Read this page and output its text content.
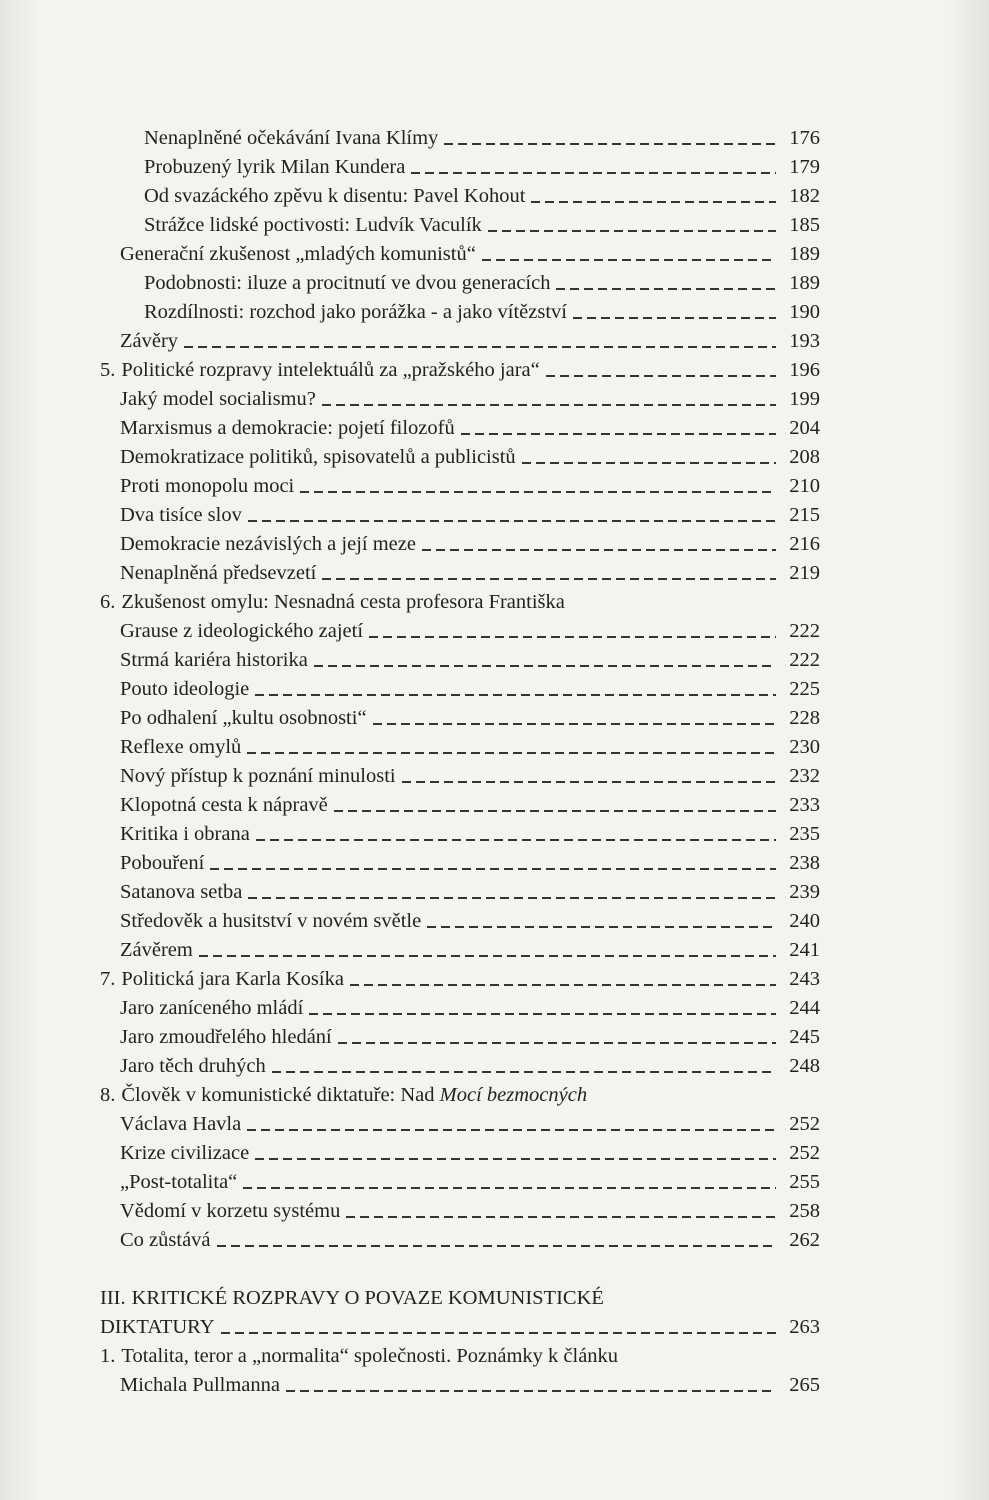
Nenaplněné očekávání Ivana Klímy	176
Probuzený lyrik Milan Kundera	179
Od svazáckého zpěvu k disentu: Pavel Kohout	182
Strážce lidské poctivosti: Ludvík Vaculík	185
Generační zkušenost „mladých komunistů“	189
Podobnosti: iluze a procitnutí ve dvou generacích	189
Rozdílnosti: rozchod jako porážka - a jako vítězství	190
Závěry	193
5. Politické rozpravy intelektuálů za „pražského jara“	196
Jaký model socialismu?	199
Marxismus a demokracie: pojetí filozofů	204
Demokratizace politiků, spisovatelů a publicistů	208
Proti monopolu moci	210
Dva tisíce slov	215
Demokracie nezávislých a její meze	216
Nenaplněná předsevzetí	219
6. Zkušenost omylu: Nesnadná cesta profesora Františka
Grause z ideologického zajetí	222
Strmá kariéra historika	222
Pouto ideologie	225
Po odhalení „kultu osobnosti“	228
Reflexe omylů	230
Nový přístup k poznání minulosti	232
Klopotná cesta k nápravě	233
Kritika i obrana	235
Pobouření	238
Satanova setba	239
Středověk a husitství v novém světle	240
Závěrem	241
7. Politická jara Karla Kosíka	243
Jaro zaníceného mládí	244
Jaro zmoudřelého hledání	245
Jaro těch druhých	248
8. Člověk v komunistické diktatuře: Nad Mocí bezmocných
Václava Havla	252
Krize civilizace	252
„Post-totalita“	255
Vědomí v korzetu systému	258
Co zůstává	262
III. KRITICKÉ ROZPRAVY O POVAZE KOMUNISTICKÉ
DIKTATURY	263
1. Totalita, teror a „normalita“ společnosti. Poznámky k článku
Michala Pullmanna	265
